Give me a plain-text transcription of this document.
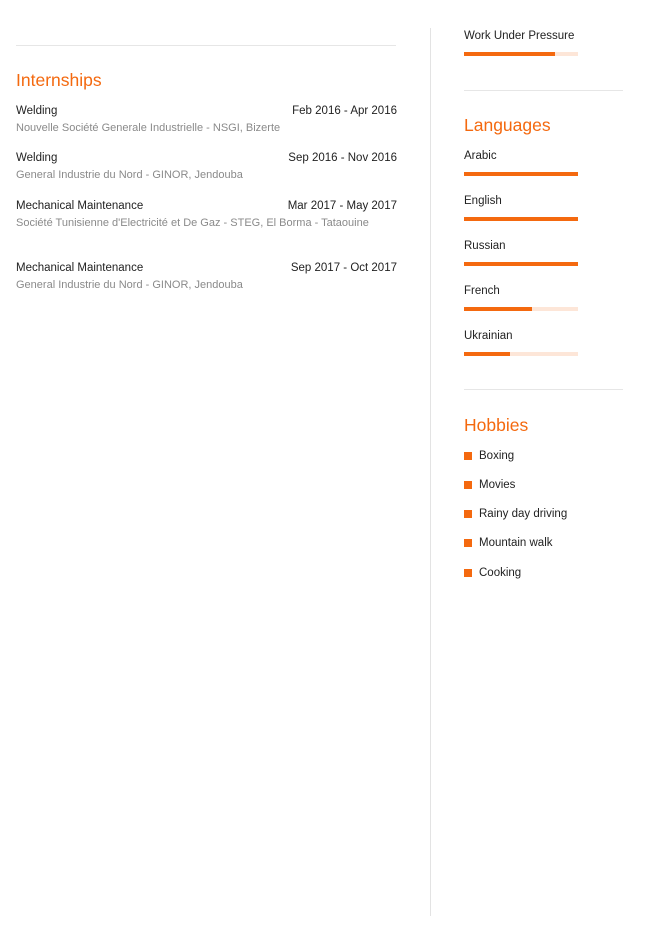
Internships
Welding	Feb 2016 - Apr 2016
Nouvelle Société Generale Industrielle - NSGI, Bizerte
Welding	Sep 2016 - Nov 2016
General Industrie du Nord - GINOR, Jendouba
Mechanical Maintenance	Mar 2017 - May 2017
Société Tunisienne d'Electricité et De Gaz - STEG, El Borma - Tataouine
Mechanical Maintenance	Sep 2017 - Oct 2017
General Industrie du Nord - GINOR, Jendouba
Work Under Pressure
Languages
Arabic
English
Russian
French
Ukrainian
Hobbies
Boxing
Movies
Rainy day driving
Mountain walk
Cooking
